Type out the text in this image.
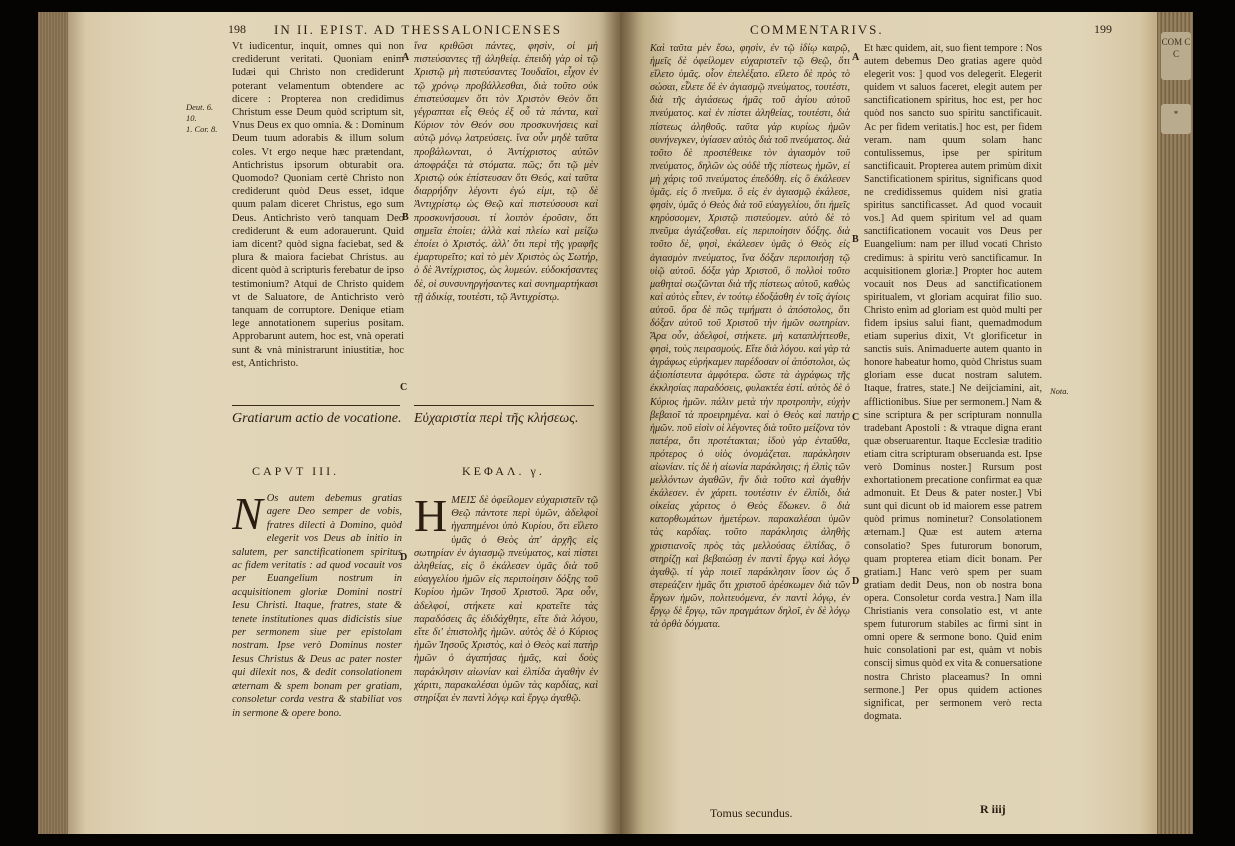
198 IN II. EPIST. AD THESSALONICENSES
Deut. 6.
10.
1. Cor. 8.
Vt iudicentur, inquit, omnes qui non crediderunt veritati. Quoniam enim Iudæi qui Christo non crediderunt poterant velamentum obtendere ac dicere : Propterea non credidimus Christum esse Deum quòd scriptum sit, Vnus Deus ex quo omnia. & : Dominum Deum tuum adorabis & illum solum coles. Vt ergo neque hæc prætendant, Antichristus ipsorum obturabit ora. Quomodo? Quoniam certè Christo non crediderunt quòd Deus esset, idque quum palam diceret Christus, ego sum Deus. Antichristo verò tanquam Deo crediderunt & eum adorauerunt. Quid iam dicent? quòd signa faciebat, sed & plura & maiora faciebat Christus. au dicent quòd à scripturis ferebatur de ipso testimonium? Atqui de Christo quidem vt de Saluatore, de Antichristo verò tanquam de corruptore. Denique etiam lege annotationem superius positam. Approbarunt autem, hoc est, vnà operati sunt & vnà ministrarunt iniustitiæ, hoc est, Antichristo.
A
B
ἵνα κριθῶσι πάντες, φησὶν, οἱ μὴ πιστεύσαντες τῇ ἀληθείᾳ. ἐπειδὴ γὰρ οἱ τῷ Χριστῷ μὴ πιστεύσαντες Ἰουδαῖοι, εἶχον ἐν τῷ χρόνῳ προβάλλεσθαι, διὰ τοῦτο οὐκ ἐπιστεύσαμεν ὅτι τὸν Χριστὸν Θεὸν ὅτι γέγραπται εἷς Θεὸς ἐξ οὗ τὰ πάντα, καὶ Κύριον τὸν Θεόν σου προσκυνήσεις καὶ αὐτῷ μόνῳ λατρεύσεις. ἵνα οὖν μηδὲ ταῦτα προβάλωνται, ὁ Ἀντίχριστος αὐτῶν ἀποφράξει τὰ στόματα. πῶς; ὅτι τῷ μὲν Χριστῷ οὐκ ἐπίστευσαν ὅτι Θεός, καὶ ταῦτα διαρρήδην λέγοντι ἐγώ εἰμι, τῷ δὲ Ἀντιχρίστῳ ὡς Θεῷ καὶ πιστεύσουσι καὶ προσκυνήσουσι. τί λοιπὸν ἐροῦσιν, ὅτι σημεῖα ἐποίει; ἀλλὰ καὶ πλείω καὶ μείζω ἐποίει ὁ Χριστός. ἀλλ' ὅτι περὶ τῆς γραφῆς ἐμαρτυρεῖτο; καὶ τὸ μὲν Χριστὸς ὡς Σωτήρ, ὁ δὲ Ἀντίχριστος, ὡς λυμεών. εὐδοκήσαντες δὲ, οἱ συνσυνηργήσαντες καὶ συνημαρτήκασι τῇ ἀδικίᾳ, τουτέστι, τῷ Ἀντιχρίστῳ.
C
Gratiarum actio de vocatione. Εὐχαριστία περὶ τῆς κλήσεως.
CAPVT III.	ΚΕΦΑΛ. γ.
N Os autem debemus gratias agere Deo semper de vobis, fratres dilecti à Domino, quòd elegerit vos Deus ab initio in salutem, per sanctificationem spiritus ac fidem veritatis : ad quod vocauit vos per Euangelium nostrum in acquisitionem gloriæ Domini nostri Iesu Christi. Itaque, fratres, state & tenete institutiones quas didicistis siue per sermonem siue per epistolam nostram. Ipse verò Dominus noster Iesus Christus & Deus ac pater noster qui dilexit nos, & dedit consolationem æternam & spem bonam per gratiam, consoletur corda vestra & stabiliat vos in sermone & opere bono.
D
HΜΕΙΣ δὲ ὀφείλομεν εὐχαριστεῖν τῷ Θεῷ πάντοτε περὶ ὑμῶν, ἀδελφοὶ ἠγαπημένοι ὑπὸ Κυρίου, ὅτι εἵλετο ὑμᾶς ὁ Θεὸς ἀπ' ἀρχῆς εἰς σωτηρίαν ἐν ἁγιασμῷ πνεύματος, καὶ πίστει ἀληθείας, εἰς ὃ ἐκάλεσεν ὑμᾶς διὰ τοῦ εὐαγγελίου ἡμῶν εἰς περιποίησιν δόξης τοῦ Κυρίου ἡμῶν Ἰησοῦ Χριστοῦ. Ἄρα οὖν, ἀδελφοί, στήκετε καὶ κρατεῖτε τὰς παραδόσεις ἃς ἐδιδάχθητε, εἴτε διὰ λόγου, εἴτε δι' ἐπιστολῆς ἡμῶν. αὐτὸς δὲ ὁ Κύριος ἡμῶν Ἰησοῦς Χριστὸς, καὶ ὁ Θεὸς καὶ πατὴρ ἡμῶν ὁ ἀγαπήσας ἡμᾶς, καὶ δοὺς παράκλησιν αἰωνίαν καὶ ἐλπίδα ἀγαθὴν ἐν χάριτι, παρακαλέσαι ὑμῶν τὰς καρδίας, καὶ στηρίξαι ἐν παντὶ λόγῳ καὶ ἔργῳ ἀγαθῷ.
COMMENTARIVS.	199
Καὶ ταῦτα μὲν ἔσω, φησὶν, ἐν τῷ ἰδίῳ καιρῷ, ἡμεῖς δὲ ὀφείλομεν εὐχαριστεῖν τῷ Θεῷ, ὅτι εἵλετο ὑμᾶς. οἷον ἐπελέξατο. εἵλετο δὲ πρὸς τὸ σώσαι, εἶλετε δὲ ἐν ἁγιασμῷ πνεύματος, τουτέστι, διὰ τῆς ἁγιάσεως ἡμᾶς τοῦ ἁγίου αὐτοῦ πνεύματος. καὶ ἐν πίστει ἀληθείας, τουτέστι, διὰ πίστεως ἀληθοῦς. ταῦτα γὰρ κυρίως ἡμῶν συνήνεγκεν, ὑγίασεν αὐτὸς διὰ τοῦ πνεύματος. διὰ τοῦτο δὲ προστέθεικε τὸν ἁγιασμὸν τοῦ πνεύματος, δηλῶν ὡς οὐδὲ τῆς πίστεως ἡμῶν, εἰ μὴ χάρις τοῦ πνεύματος ἐπεδόθη. εἰς ὃ ἐκάλεσεν ὑμᾶς. εἰς ὃ πνεῦμα. ὃ εἰς ἐν ἁγιασμῷ ἐκάλεσε, φησὶν, ὑμᾶς ὁ Θεὸς διὰ τοῦ εὐαγγελίου, ὅτι ἡμεῖς κηρύσσομεν, Χριστῷ πιστεύομεν. αὐτὸ δὲ τὸ πνεῦμα ἁγιάζεσθαι. εἰς περιποίησιν δόξης. διὰ τοῦτο δὲ, φησὶ, ἐκάλεσεν ὑμᾶς ὁ Θεὸς εἰς ἁγιασμὸν πνεύματος, ἵνα δόξαν περιποιήσῃ τῷ υἱῷ αὐτοῦ. δόξα γὰρ Χριστοῦ, ὃ πολλοὶ τοῦτο μαθηταὶ σωζῶνται διὰ τῆς πίστεως αὐτοῦ, καθὼς καὶ αὐτὸς εἶπεν, ἐν τούτῳ ἐδοξάσθη ἐν τοῖς ἁγίοις αὐτοῦ. ὅρα δὲ πῶς τιμήματι ὁ ἀπόστολος, ὅτι δόξαν αὐτοῦ τοῦ Χριστοῦ τὴν ἡμῶν σωτηρίαν. Ἄρα οὖν, ἀδελφοί, στήκετε. μὴ καταπλήττεσθε, φησὶ, τοὺς πειρασμούς. Εἴτε διὰ λόγου. καὶ γὰρ τὰ ἀγράφως εὑρήκαμεν παρέδοσαν οἱ ἀπόστολοι, ὡς ἀξιοπίστευτα ἀμφότερα. ὥστε τὰ ἀγράφως τῆς ἐκκλησίας παραδόσεις, φυλακτέα ἐστί. αὐτὸς δὲ ὁ Κύριος ἡμῶν. πάλιν μετὰ τὴν προτροπὴν, εὐχὴν βεβαιοῖ τὰ προειρημένα. καὶ ὁ Θεὸς καὶ πατὴρ ἡμῶν. ποῦ εἰσὶν οἱ λέγοντες διὰ τοῦτο μείζονα τὸν πατέρα, ὅτι προτέτακται; ἰδοὺ γὰρ ἐνταῦθα, πρότερος ὁ υἱὸς ὀνομάζεται. παράκλησιν αἰωνίαν. τίς δὲ ἡ αἰωνία παράκλησις; ἡ ἐλπὶς τῶν μελλόντων ἀγαθῶν, ἣν διὰ τοῦτο καὶ ἀγαθὴν ἐκάλεσεν. ἐν χάριτι. τουτέστιν ἐν ἐλπίδι, διὰ οἰκείας χάριτος ὁ Θεὸς ἔδωκεν. ὃ διὰ κατορθωμάτων ἡμετέρων. παρακαλέσαι ὑμῶν τὰς καρδίας. τοῦτο παράκλησις ἀληθὴς χριστιανοῖς πρὸς τὰς μελλούσας ἐλπίδας, ὃ στηρίζῃ καὶ βεβαιώσῃ ἐν παντὶ ἔργῳ καὶ λόγῳ ἀγαθῷ. τί γὰρ ποιεῖ παράκλησιν ἴσον ὡς ὅ στερεάζειν ἡμᾶς ὅτι χριστοῦ ἀρέσκωμεν διὰ τῶν ἔργων ἡμῶν, πολιτευόμενα, ἐν παντὶ λόγῳ, ἐν ἔργῳ δὲ ἔργῳ, τῶν πραγμάτων δηλοῖ, ἐν δὲ λόγῳ τὰ ὀρθὰ δόγματα.
A
B
C
D
Et hæc quidem, ait, suo fient tempore : Nos autem debemus Deo gratias agere quòd elegerit vos: ] quod vos delegerit. Elegerit quidem vt saluos faceret, elegit autem per sanctificationem spiritus, hoc est, per hoc quòd nos sancto suo spiritu sanctificauit. Ac per fidem veritatis.] hoc est, per fidem veram. nam quum solam hanc contulissemus, ipse per spiritum sanctificauit. Propterea autem primùm dixit Sanctificationem spiritus, significans quod ne credidissemus quidem nisi gratia spiritus sanctificasset. Ad quod vocauit vos.] Ad quem spiritum vel ad quam sanctificationem vocauit vos Deus per Euangelium: nam per illud vocati Christo credimus: à spiritu verò sanctificamur. In acquisitionem gloriæ.] Propter hoc autem vocauit nos Deus ad sanctificationem spiritualem, vt gloriam acquirat filio suo. Christo enim ad gloriam est quòd multi per fidem ipsius salui fiant, quemadmodum etiam superius dixit, Vt glorificetur in sanctis suis. Animaduerte autem quanto in honore habeatur homo, quòd Christus suam gloriam esse ducat nostram salutem. Itaque, fratres, state.] Ne deijciamini, ait, afflictionibus. Siue per sermonem.] Nam & sine scriptura & per scripturam nonnulla tradebant Apostoli : & vtraque digna erant quæ obseruarentur. Itaque Ecclesiæ traditio etiam citra scripturam obseruanda est. Ipse verò Dominus noster.] Rursum post exhortationem precatione confirmat ea quæ admonuit. Et Deus & pater noster.] Vbi sunt qui dicunt ob id maiorem esse patrem quòd primus nominetur? Consolationem æternam.] Quæ est autem æterna consolatio? Spes futurorum bonorum, quam propterea etiam dicit bonam. Per gratiam.] Hanc verò spem per suam gratiam dedit Deus, non ob nostra bona opera. Consoletur corda vestra.] Nam illa Christianis vera consolatio est, vt ante spem futurorum stabiles ac firmi sint in omni opere & sermone bono. Quid enim huic consolationi par est, quàm vt nobis conscij simus quòd ex vita & conuersatione nostra Christo placeamus? In omni sermone.] Per opus quidem actiones significat, per sermonem verò recta dogmata.
Nota.
Tomus secundus.	R iiij
COM C
C
*
